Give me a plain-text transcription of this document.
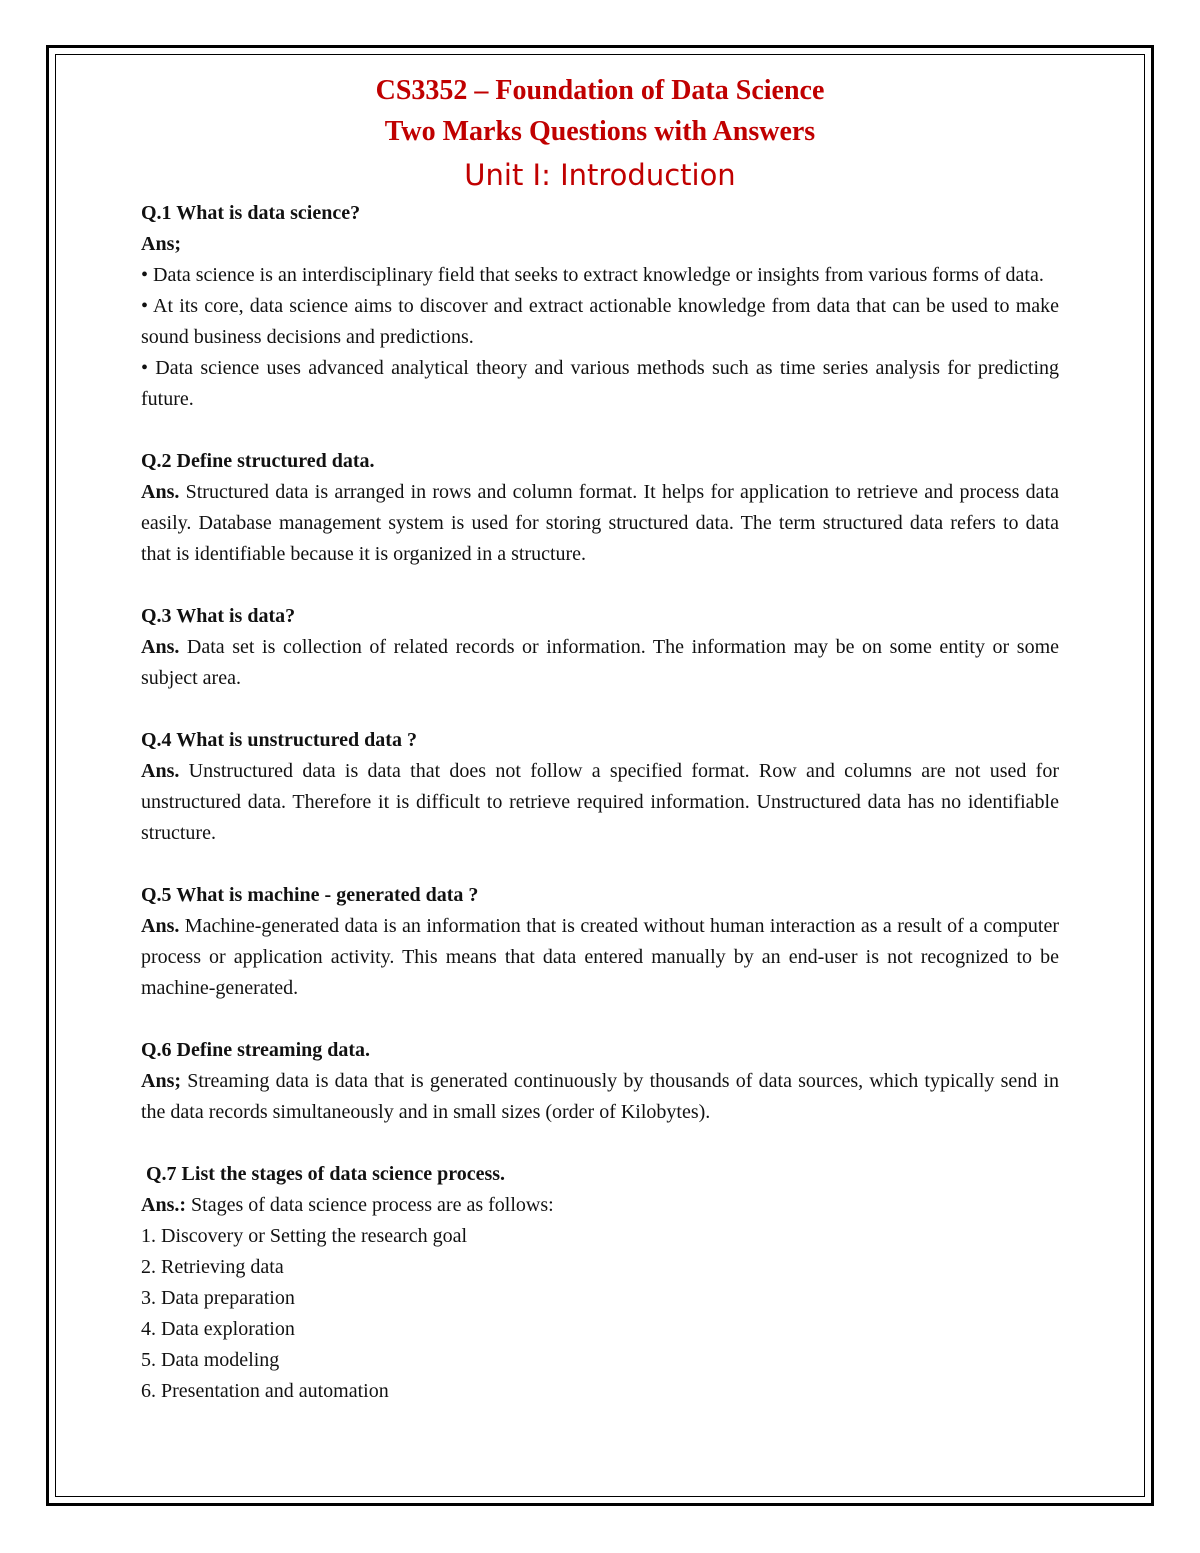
CS3352 – Foundation of Data Science

Two Marks Questions with Answers

Unit I: Introduction

Q.1 What is data science?

Ans;

• Data science is an interdisciplinary field that seeks to extract knowledge or insights from various forms of data.

• At its core, data science aims to discover and extract actionable knowledge from data that can be used to make sound business decisions and predictions.

• Data science uses advanced analytical theory and various methods such as time series analysis for predicting future.

Q.2 Define structured data.

Ans. Structured data is arranged in rows and column format. It helps for application to retrieve and process data easily. Database management system is used for storing structured data. The term structured data refers to data that is identifiable because it is organized in a structure.

Q.3 What is data?

Ans. Data set is collection of related records or information. The information may be on some entity or some subject area.

Q.4 What is unstructured data ?

Ans. Unstructured data is data that does not follow a specified format. Row and columns are not used for unstructured data. Therefore it is difficult to retrieve required information. Unstructured data has no identifiable structure.

Q.5 What is machine - generated data ?

Ans. Machine-generated data is an information that is created without human interaction as a result of a computer process or application activity. This means that data entered manually by an end-user is not recognized to be machine-generated.

Q.6 Define streaming data.

Ans; Streaming data is data that is generated continuously by thousands of data sources, which typically send in the data records simultaneously and in small sizes (order of Kilobytes).

Q.7 List the stages of data science process.

Ans.: Stages of data science process are as follows:

1. Discovery or Setting the research goal

2. Retrieving data

3. Data preparation

4. Data exploration

5. Data modeling

6. Presentation and automation
